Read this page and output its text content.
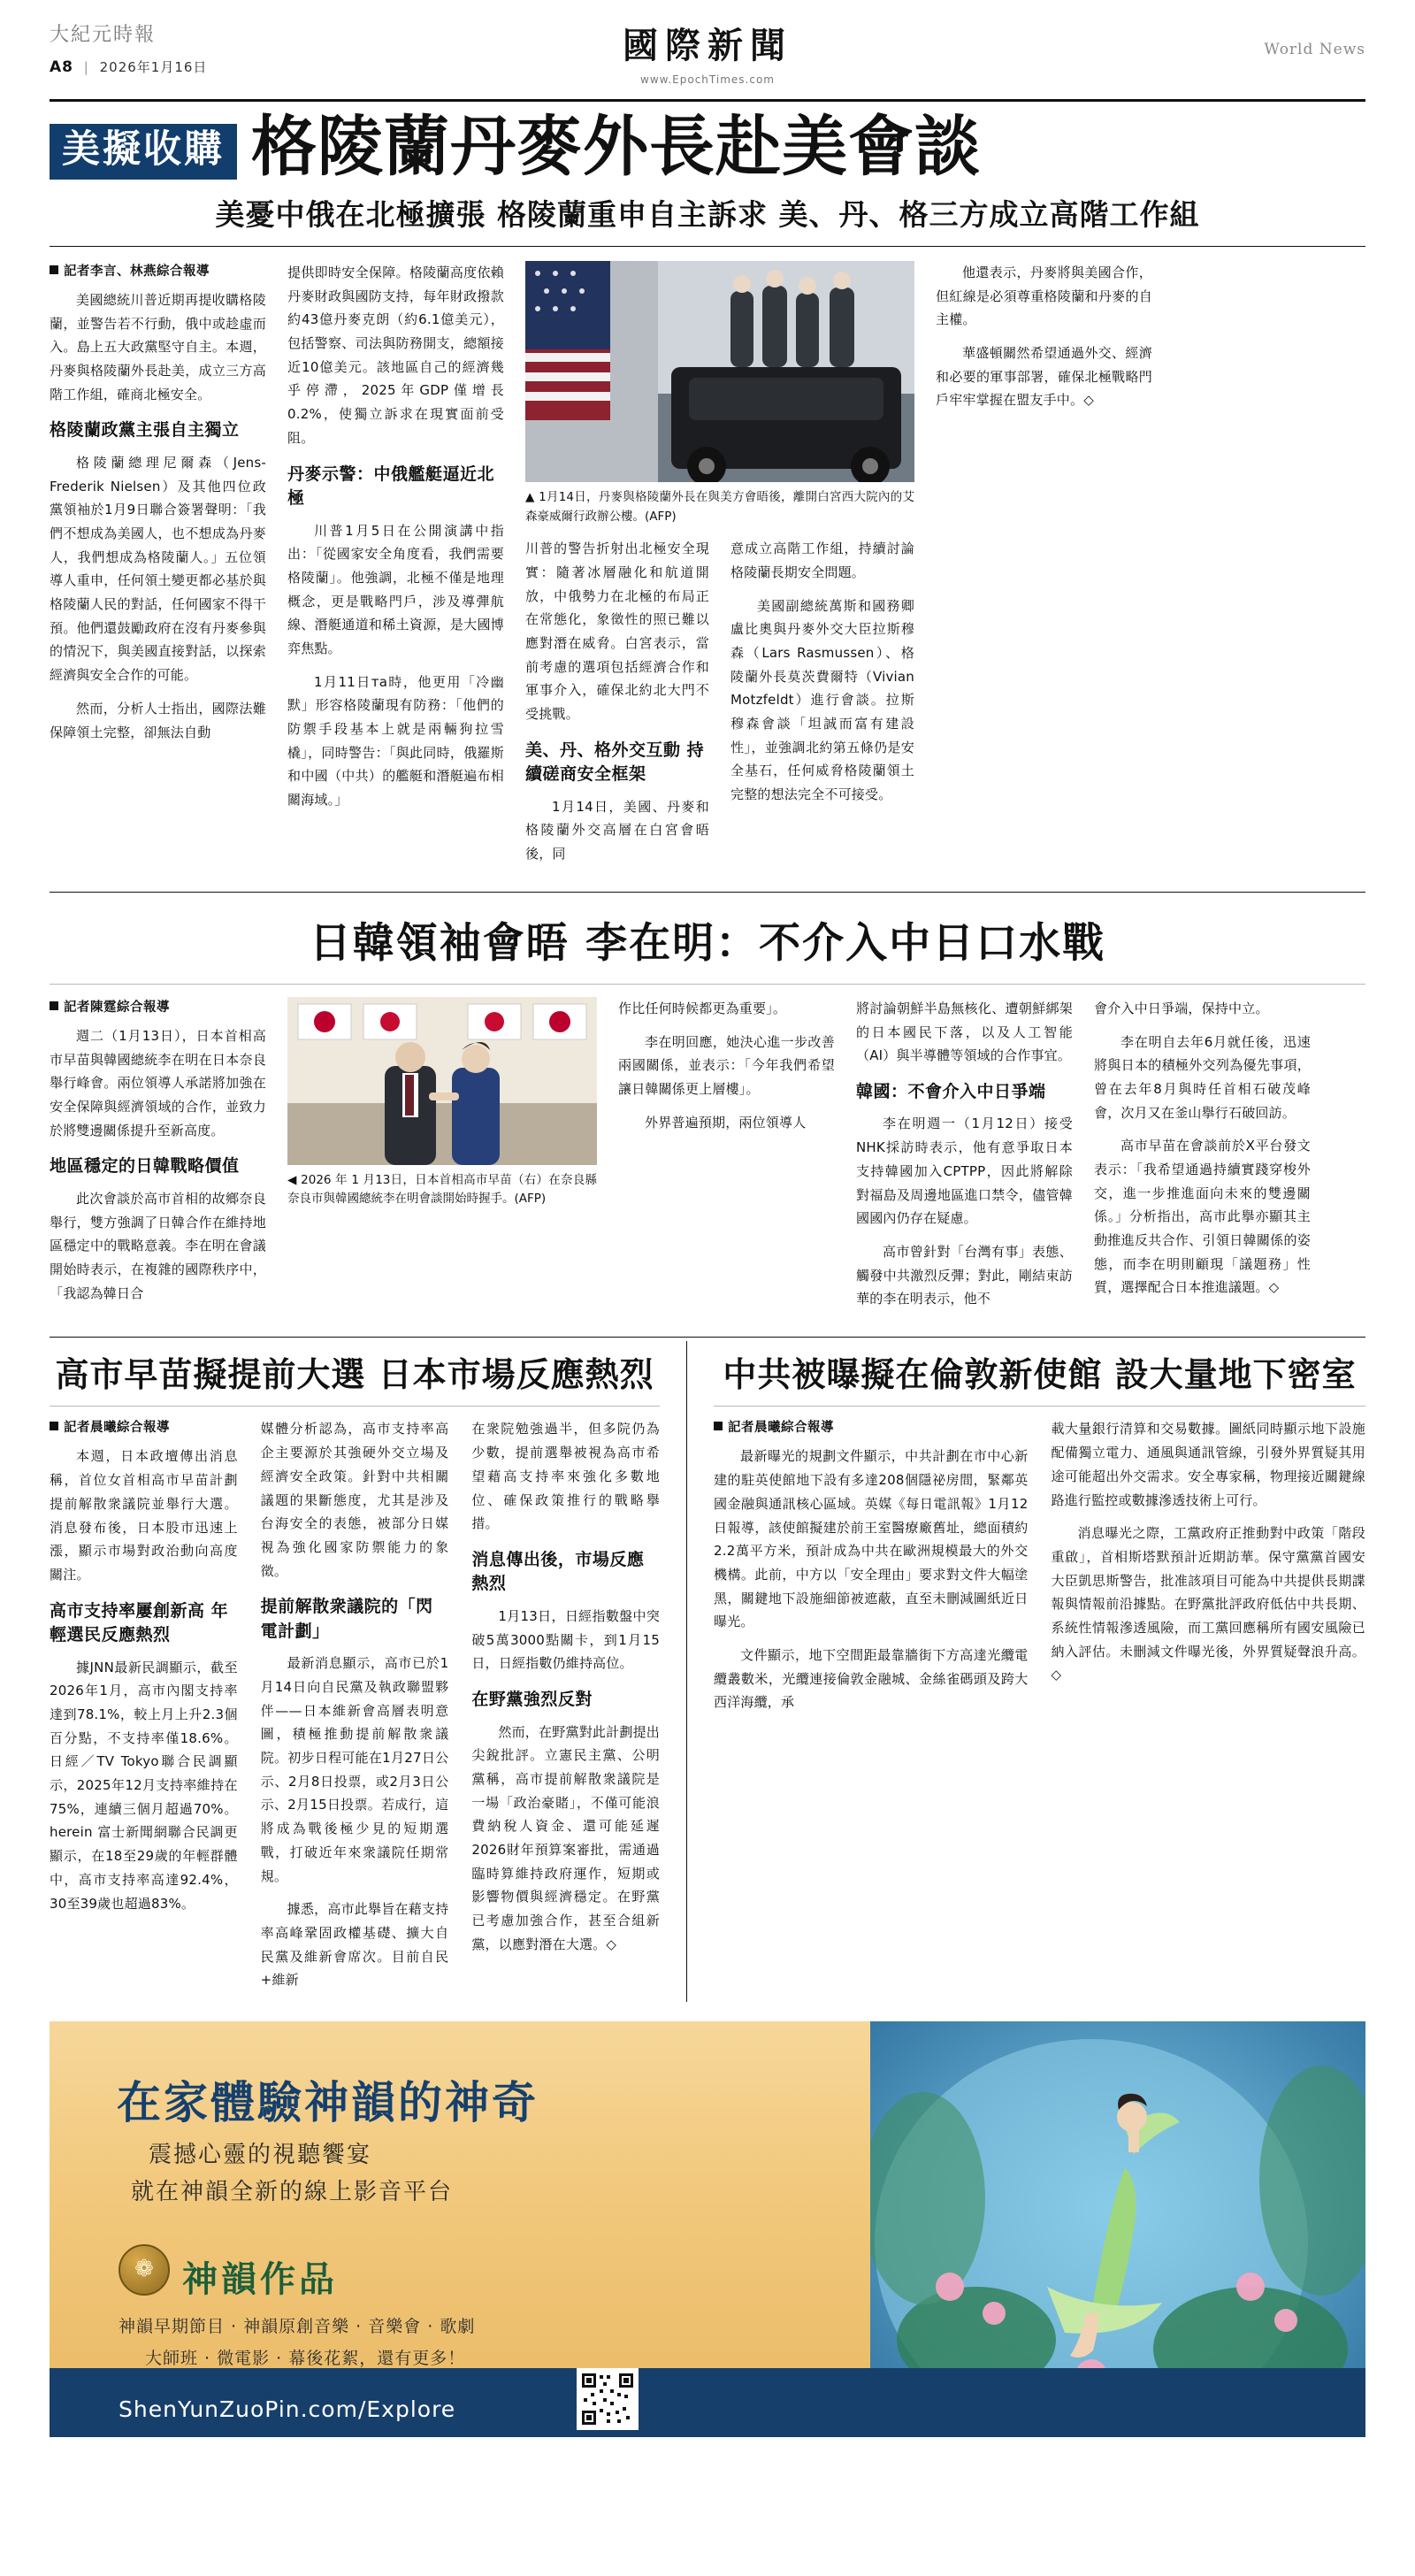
大紀元時報
A8 | 2026年1月16日
國際新聞
www.EpochTimes.com
World News
美擬收購 格陵蘭丹麥外長赴美會談
美憂中俄在北極擴張 格陵蘭重申自主訴求 美、丹、格三方成立高階工作組
記者李言、林燕綜合報導

美國總統川普近期再提收購格陵蘭，並警告若不行動，俄中或趁虛而入。島上五大政黨堅守自主。本週，丹麥與格陵蘭外長赴美，成立三方高階工作組，確商北極安全。

格陵蘭政黨主張自主獨立

格陵蘭總理尼爾森（Jens-Frederik Nielsen）及其他四位政黨領袖於1月9日聯合簽署聲明：「我們不想成為美國人，也不想成為丹麥人，我們想成為格陵蘭人。」五位領導人重申，任何領土變更都必基於與格陵蘭人民的對話，任何國家不得干預。他們還鼓勵政府在沒有丹麥參與的情況下，與美國直接對話，以探索經濟與安全合作的可能。

然而，分析人士指出，國際法難保障領土完整，卻無法自動

提供即時安全保障。格陵蘭高度依賴丹麥財政與國防支持，每年財政撥款約43億丹麥克朗（約6.1億美元），包括警察、司法與防務開支，總額接近10億美元。該地區自己的經濟幾乎停滯，2025年GDP僅增長0.2%，使獨立訴求在現實面前受阻。

丹麥示警：中俄艦艇逼近北極

川普1月5日在公開演講中指出：「從國家安全角度看，我們需要格陵蘭」。他強調，北極不僅是地理概念，更是戰略門戶，涉及導彈航線、潛艇通道和稀土資源，是大國博弈焦點。

1月11日та時，他更用「冷幽默」形容格陵蘭現有防務：「他們的防禦手段基本上就是兩輛狗拉雪橇」，同時警告：「與此同時，俄羅斯和中國（中共）的艦艇和潛艇遍布相關海域。」

▲ 1月14日，丹麥與格陵蘭外長在與美方會晤後，離開白宮西大院內的艾森豪威爾行政辦公樓。(AFP)

川普的警告折射出北極安全現實：隨著冰層融化和航道開放，中俄勢力在北極的布局正在常態化，象徵性的照已難以應對潛在威脅。白宮表示，當前考慮的選項包括經濟合作和軍事介入，確保北約北大門不受挑戰。

美、丹、格外交互動 持續磋商安全框架

1月14日，美國、丹麥和格陵蘭外交高層在白宮會晤後，同

意成立高階工作組，持續討論格陵蘭長期安全問題。

美國副總統萬斯和國務卿盧比奧與丹麥外交大臣拉斯穆森（Lars Rasmussen）、格陵蘭外長莫茨費爾特（Vivian Motzfeldt）進行會談。拉斯穆森會談「坦誠而富有建設性」，並強調北約第五條仍是安全基石，任何威脅格陵蘭領土完整的想法完全不可接受。

他還表示，丹麥將與美國合作，但紅線是必須尊重格陵蘭和丹麥的自主權。

華盛頓關然希望通過外交、經濟和必要的軍事部署，確保北極戰略門戶牢牢掌握在盟友手中。◇

日韓領袖會晤 李在明：不介入中日口水戰
記者陳霆綜合報導

週二（1月13日），日本首相高市早苗與韓國總統李在明在日本奈良舉行峰會。兩位領導人承諾將加強在安全保障與經濟領域的合作，並致力於將雙邊關係提升至新高度。

地區穩定的日韓戰略價值

此次會談於高市首相的故鄉奈良舉行，雙方強調了日韓合作在維持地區穩定中的戰略意義。李在明在會議開始時表示，在複雜的國際秩序中，「我認為韓日合

◀ 2026 年 1 月13日，日本首相高市早苗（右）在奈良縣奈良市與韓國總統李在明會談開始時握手。(AFP)

作比任何時候都更為重要」。

李在明回應，她決心進一步改善兩國關係，並表示：「今年我們希望讓日韓關係更上層樓」。

外界普遍預期，兩位領導人

將討論朝鮮半島無核化、遭朝鮮綁架的日本國民下落，以及人工智能（AI）與半導體等領域的合作事宜。

韓國：不會介入中日爭端

李在明週一（1月12日）接受NHK採訪時表示，他有意爭取日本支持韓國加入CPTPP，因此將解除對福島及周邊地區進口禁令，儘管韓國國內仍存在疑慮。

高市曾針對「台灣有事」表態、觸發中共激烈反彈；對此，剛結束訪華的李在明表示，他不

會介入中日爭端，保持中立。

李在明自去年6月就任後，迅速將與日本的積極外交列為優先事項，曾在去年8月與時任首相石破茂峰會，次月又在釜山擧行石破回訪。

高市早苗在會談前於X平台發文表示：「我希望通過持續實踐穿梭外交，進一步推進面向未來的雙邊關係。」分析指出，高市此擧亦顯其主動推進反共合作、引領日韓關係的姿態，而李在明則顧現「議題務」性質，選擇配合日本推進議題。◇

高市早苗擬提前大選 日本市場反應熱烈
記者晨曦綜合報導

本週，日本政壇傳出消息稱，首位女首相高市早苗計劃提前解散衆議院並舉行大選。消息發布後，日本股市迅速上漲，顯示市場對政治動向高度關注。

高市支持率屢創新高 年輕選民反應熱烈

據JNN最新民調顯示，截至2026年1月，高市內閣支持率達到78.1%，較上月上升2.3個百分點，不支持率僅18.6%。日經／TV Tokyo聯合民調顯示，2025年12月支持率維持在75%，連續三個月超過70%。herein 富士新聞網聯合民調更顯示，在18至29歲的年輕群體中，高市支持率高達92.4%，30至39歲也超過83%。

媒體分析認為，高市支持率高企主要源於其強硬外交立場及經濟安全政策。針對中共相關議題的果斷態度，尤其是涉及台海安全的表態，被部分日媒視為強化國家防禦能力的象徵。

提前解散衆議院的「閃電計劃」

最新消息顯示，高市已於1月14日向自民黨及執政聯盟夥伴——日本維新會高層表明意圖，積極推動提前解散衆議院。初步日程可能在1月27日公示、2月8日投票，或2月3日公示、2月15日投票。若成行，這將成為戰後極少見的短期選戰，打破近年來衆議院任期常規。

據悉，高市此擧旨在藉支持率高峰鞏固政權基礎、擴大自民黨及維新會席次。目前自民+維新

在衆院勉強過半，但多院仍為少數，提前選舉被視為高市希望藉高支持率來強化多數地位、確保政策推行的戰略擧措。

消息傳出後，市場反應熱烈

1月13日，日經指數盤中突破5萬3000點關卡，到1月15日，日經指數仍維持高位。

在野黨強烈反對

然而，在野黨對此計劃提出尖銳批評。立憲民主黨、公明黨稱，高市提前解散衆議院是一場「政治豪賭」，不僅可能浪費納稅人資金、還可能延遲2026財年預算案審批，需通過臨時算維持政府運作，短期或影響物價與經濟穩定。在野黨已考慮加強合作，甚至合組新黨，以應對潛在大選。◇

中共被曝擬在倫敦新使館 設大量地下密室
記者晨曦綜合報導

最新曝光的規劃文件顯示，中共計劃在市中心新建的駐英使館地下設有多達208個隱祕房間，緊鄰英國金融與通訊核心區域。英媒《每日電訊報》1月12日報導，該使館擬建於前王室醫療廠舊址，總面積約2.2萬平方米，預計成為中共在歐洲規模最大的外交機構。此前，中方以「安全理由」要求對文件大幅塗黑，關鍵地下設施細節被遮蔽，直至未刪減圖紙近日曝光。

文件顯示，地下空間距最靠牆街下方高達光纜電纜叢數米，光纜連接倫敦金融城、金絲雀碼頭及跨大西洋海纜，承

載大量銀行清算和交易數據。圖紙同時顯示地下設施配備獨立電力、通風與通訊管線，引發外界質疑其用途可能超出外交需求。安全專家稱，物理接近關鍵線路進行監控或數據滲透技術上可行。

消息曝光之際，工黨政府正推動對中政策「階段重啟」，首相斯塔默預計近期訪華。保守黨黨首國安大臣凱思斯警告，批准該項目可能為中共提供長期諜報與情報前沿據點。在野黨批評政府低估中共長期、系統性情報滲透風險，而工黨回應稱所有國安風險已納入評估。未刪減文件曝光後，外界質疑聲浪升高。◇

在家體驗神韻的神奇
震撼心靈的視聽饗宴
就在神韻全新的線上影音平台
❁
神韻作品
神韻早期節目 · 神韻原創音樂 · 音樂會 · 歌劇
大師班 · 微電影 · 幕後花絮，還有更多！
ShenYunZuoPin.com/Explore
